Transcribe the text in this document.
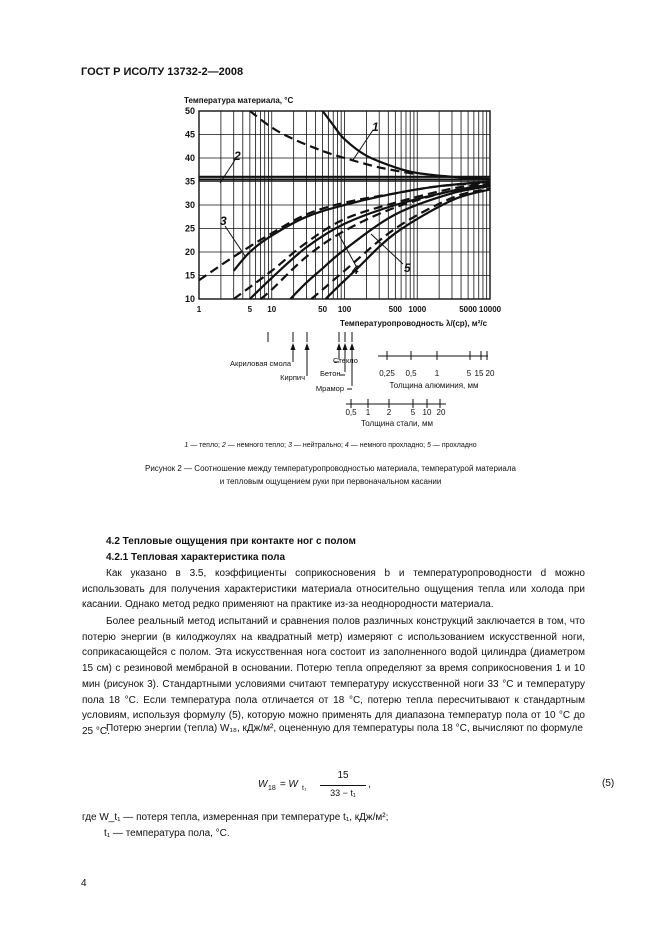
ГОСТ Р ИСО/ТУ 13732-2—2008
10
15
20
25
30
35
40
45
50
1	5 10	50 100	500 1000	5000 10000
Температура материала, °С
Температуропроводность λ/(cp), м²/с
1
2
3
4	5
Акриловая смола
Кирпич
Стекло
Бетон
Мрамор
0,25 0,5 1	5 15 20
Толщина алюминия, мм
0,5 1 2 5 10 20
Толщина стали, мм
1 — тепло; 2 — немного тепло; 3 — нейтрально; 4 — немного прохладно; 5 — прохладно
Рисунок 2 — Соотношение между температуропроводностью материала, температурой материала
и тепловым ощущением руки при первоначальном касании
4.2 Тепловые ощущения при контакте ног с полом
4.2.1 Тепловая характеристика пола

Как указано в 3.5, коэффициенты соприкосновения b и температуропроводности d можно использовать для получения характеристики материала относительно ощущения тепла или холода при касании. Однако метод редко применяют на практике из-за неоднородности материала.

Более реальный метод испытаний и сравнения полов различных конструкций заключается в том, что потерю энергии (в килоджоулях на квадратный метр) измеряют с использованием искусственной ноги, соприкасающейся с полом. Эта искусственная нога состоит из заполненного водой цилиндра (диаметром 15 см) с резиновой мембраной в основании. Потерю тепла определяют за время соприкосновения 1 и 10 мин (рисунок 3). Стандартными условиями считают температуру искусственной ноги 33 °С и температуру пола 18 °С. Если температура пола отличается от 18 °С, потерю тепла пересчитывают к стандартным условиям, используя формулу (5), которую можно применять для диапазона температур пола от 10 °С до 25 °С.

Потерю энергии (тепла) W₁₈, кДж/м², оцененную для температуры пола 18 °С, вычисляют по формуле

W 18 = W t₁
15
33 − t₁
,	(5)
где W_t₁ — потеря тепла, измеренная при температуре t₁, кДж/м²;
t₁ — температура пола, °С.
4
